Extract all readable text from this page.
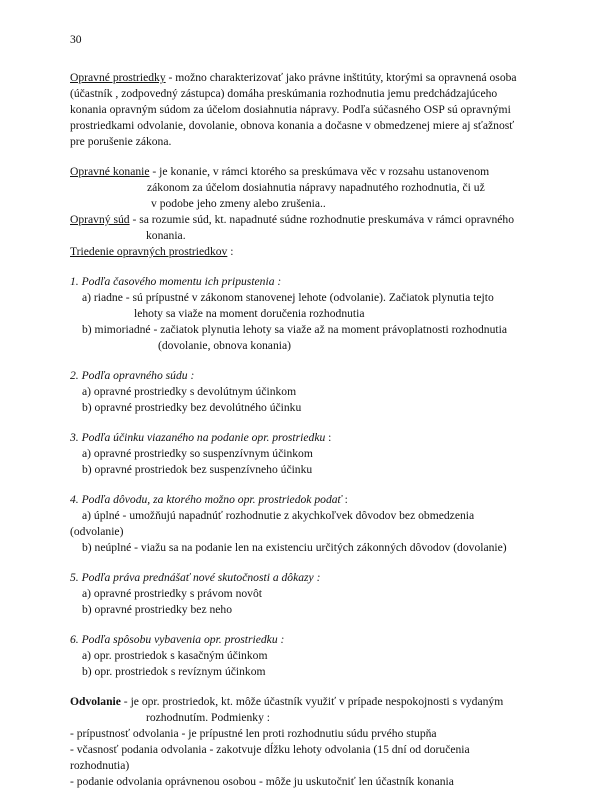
30
Opravné prostriedky - možno charakterizovať jako právne inštitúty, ktorými sa opravnená osoba
(účastník , zodpovedný zástupca) domáha preskúmania rozhodnutia jemu predchádzajúceho
konania opravným súdom za účelom dosiahnutia nápravy. Podľa súčasného OSP sú opravnými
prostriedkami odvolanie, dovolanie, obnova konania a dočasne v obmedzenej miere aj sťažnosť
pre porušenie zákona.
Opravné konanie - je konanie, v rámci ktorého sa preskúmava věc v rozsahu ustanovenom
zákonom za účelom dosiahnutia nápravy napadnutého rozhodnutia, či už
v podobe jeho zmeny alebo zrušenia..
Opravný súd - sa rozumie súd, kt. napadnuté súdne rozhodnutie preskumáva v rámci opravného
konania.
Triedenie opravných prostriedkov :
1. Podľa časového momentu ich pripustenia :
a) riadne - sú prípustné v zákonom stanovenej lehote (odvolanie). Začiatok plynutia tejto
lehoty sa viaže na moment doručenia rozhodnutia
b) mimoriadné - začiatok plynutia lehoty sa viaže až na moment právoplatnosti rozhodnutia
(dovolanie, obnova konania)
2. Podľa opravného súdu :
a) opravné prostriedky s devolútnym účinkom
b) opravné prostriedky bez devolútného účinku
3. Podľa účinku viazaného na podanie opr. prostriedku :
a) opravné prostriedky so suspenzívnym účinkom
b) opravné prostriedok bez suspenzívneho účinku
4. Podľa dôvodu, za ktorého možno opr. prostriedok podať :
a) úplné - umožňujú napadnúť rozhodnutie z akychkoľvek dôvodov bez obmedzenia
(odvolanie)
b) neúplné - viažu sa na podanie len na existenciu určitých zákonných dôvodov (dovolanie)
5. Podľa práva prednášať nové skutočnosti a dôkazy :
a) opravné prostriedky s právom novôt
b) opravné prostriedky bez neho
6. Podľa spôsobu vybavenia opr. prostriedku :
a) opr. prostriedok s kasačným účinkom
b) opr. prostriedok s revíznym účinkom
Odvolanie - je opr. prostriedok, kt. môže účastník využiť v prípade nespokojnosti s vydaným
rozhodnutím. Podmienky :
- prípustnosť odvolania - je prípustné len proti rozhodnutiu súdu prvého stupňa
- včasnosť podania odvolania - zakotvuje dĺžku lehoty odvolania (15 dní od doručenia
rozhodnutia)
- podanie odvolania oprávnenou osobou - môže ju uskutočniť len účastník konania
